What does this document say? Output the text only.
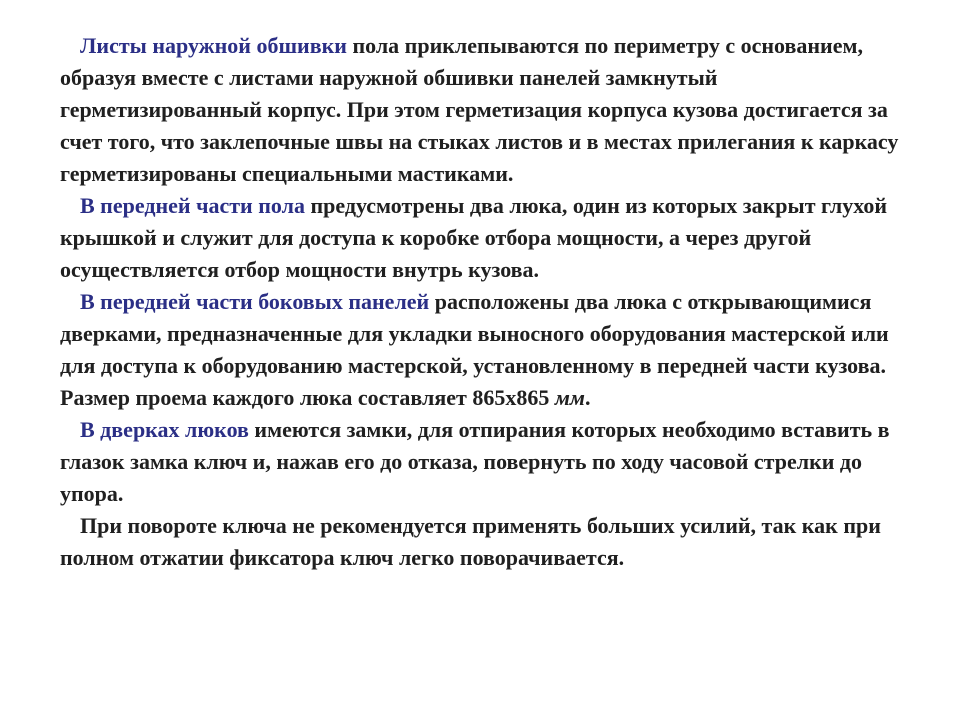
Листы наружной обшивки пола приклепываются по периметру с основанием, образуя вместе с листами наружной обшивки панелей замкнутый герметизированный корпус. При этом герметизация корпуса кузова достигается за счет того, что заклепочные швы на стыках листов и в местах прилегания к каркасу герметизированы специальными мастиками.

В передней части пола предусмотрены два люка, один из которых закрыт глухой крышкой и служит для доступа к коробке отбора мощности, а через другой осуществляется отбор мощности внутрь кузова.

В передней части боковых панелей расположены два люка с открывающимися дверками, предназначенные для укладки выносного оборудования мастерской или для доступа к оборудованию мастерской, установленному в передней части кузова. Размер проема каждого люка составляет 865х865 мм.

В дверках люков имеются замки, для отпирания которых необходимо вставить в глазок замка ключ и, нажав его до отказа, повернуть по ходу часовой стрелки до упора.

При повороте ключа не рекомендуется применять больших усилий, так как при полном отжатии фиксатора ключ легко поворачивается.
